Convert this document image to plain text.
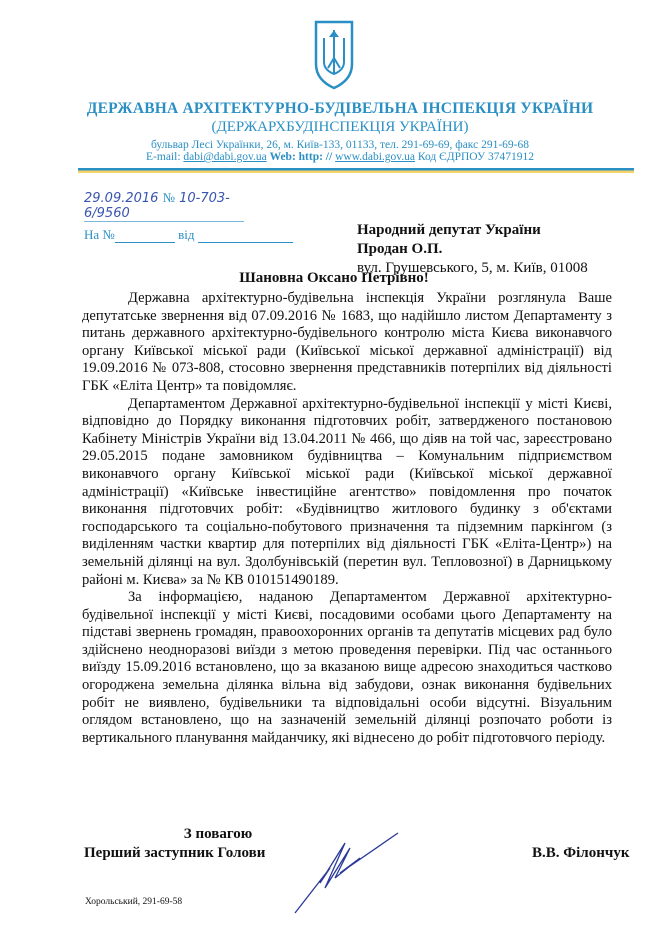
ДЕРЖАВНА АРХІТЕКТУРНО-БУДІВЕЛЬНА ІНСПЕКЦІЯ УКРАЇНИ
(ДЕРЖАРХБУДІНСПЕКЦІЯ УКРАЇНИ)
бульвар Лесі Українки, 26, м. Київ-133, 01133, тел. 291-69-69, факс 291-69-68
E-mail: dabi@dabi.gov.ua Web: http: // www.dabi.gov.ua Код ЄДРПОУ 37471912
29.09.2016 № 10-703-6/9560
На №	від	Народний депутат України
Продан О.П.
вул. Грушевського, 5, м. Київ, 01008
Шановна Оксано Петрівно!

Державна архітектурно-будівельна інспекція України розглянула Ваше депутатське звернення від 07.09.2016 № 1683, що надійшло листом Департаменту з питань державного архітектурно-будівельного контролю міста Києва виконавчого органу Київської міської ради (Київської міської державної адміністрації) від 19.09.2016 № 073-808, стосовно звернення представників потерпілих від діяльності ГБК «Еліта Центр» та повідомляє.

Департаментом Державної архітектурно-будівельної інспекції у місті Києві, відповідно до Порядку виконання підготовчих робіт, затвердженого постановою Кабінету Міністрів України від 13.04.2011 № 466, що діяв на той час, зареєстровано 29.05.2015 подане замовником будівництва – Комунальним підприємством виконавчого органу Київської міської ради (Київської міської державної адміністрації) «Київське інвестиційне агентство» повідомлення про початок виконання підготовчих робіт: «Будівництво житлового будинку з об'єктами господарського та соціально-побутового призначення та підземним паркінгом (з виділенням частки квартир для потерпілих від діяльності ГБК «Еліта-Центр») на земельній ділянці на вул. Здолбунівській (перетин вул. Тепловозної) в Дарницькому районі м. Києва» за № КВ 010151490189.

За інформацією, наданою Департаментом Державної архітектурно-будівельної інспекції у місті Києві, посадовими особами цього Департаменту на підставі звернень громадян, правоохоронних органів та депутатів місцевих рад було здійснено неодноразові виїзди з метою проведення перевірки. Під час останнього виїзду 15.09.2016 встановлено, що за вказаною вище адресою знаходиться частково огороджена земельна ділянка вільна від забудови, ознак виконання будівельних робіт не виявлено, будівельники та відповідальні особи відсутні. Візуальним оглядом встановлено, що на зазначеній земельній ділянці розпочато роботи із вертикального планування майданчику, які віднесено до робіт підготовчого періоду.

З повагою
Перший заступник Голови	В.В. Філончук
Хорольський, 291-69-58
